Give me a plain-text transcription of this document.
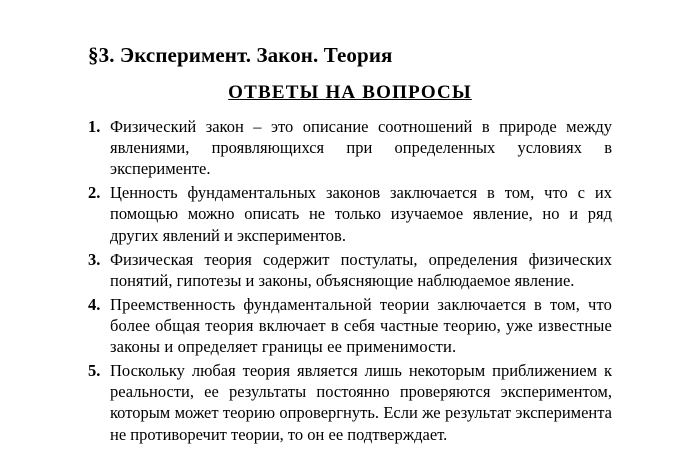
§3. Эксперимент. Закон. Теория
ОТВЕТЫ НА ВОПРОСЫ
1. Физический закон – это описание соотношений в природе между явлениями, проявляющихся при определенных условиях в эксперименте.
2. Ценность фундаментальных законов заключается в том, что с их помощью можно описать не только изучаемое явление, но и ряд других явлений и экспериментов.
3. Физическая теория содержит постулаты, определения физических понятий, гипотезы и законы, объясняющие наблюдаемое явление.
4. Преемственность фундаментальной теории заключается в том, что более общая теория включает в себя частные теорию, уже известные законы и определяет границы ее применимости.
5. Поскольку любая теория является лишь некоторым приближением к реальности, ее результаты постоянно проверяются экспериментом, которым может теорию опровергнуть. Если же результат эксперимента не противоречит теории, то он ее подтверждает.
